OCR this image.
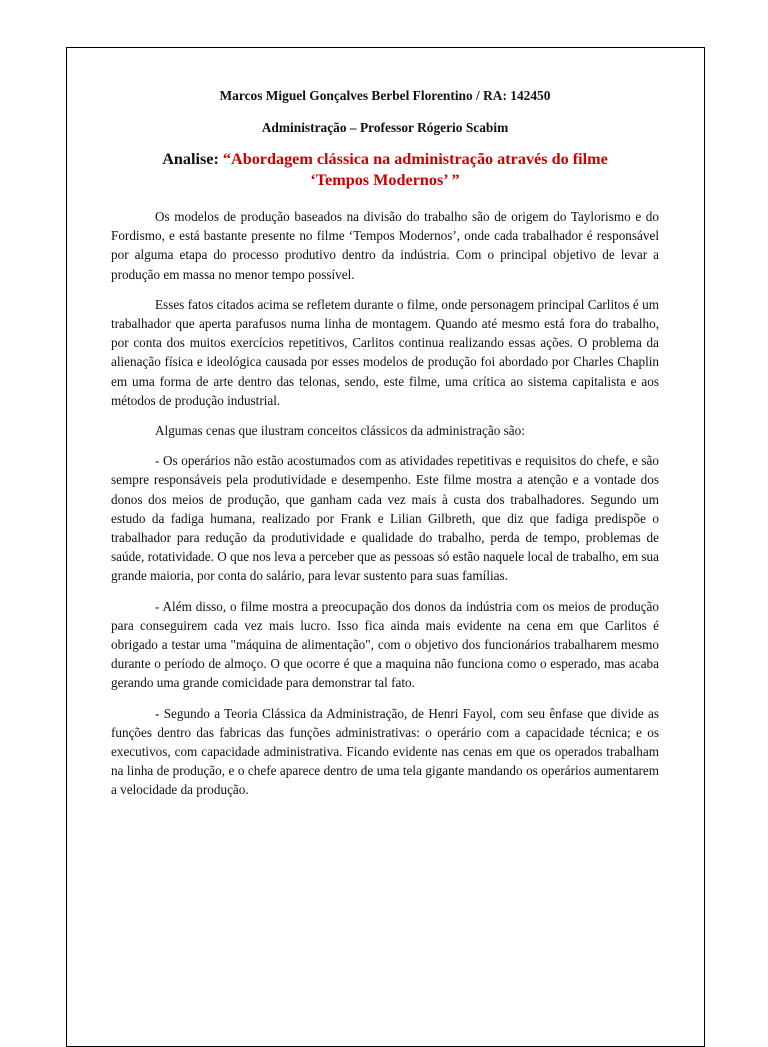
Marcos Miguel Gonçalves Berbel Florentino / RA: 142450

Administração – Professor Rógerio Scabim

Analise: “Abordagem clássica na administração através do filme
‘Tempos Modernos’ ”

Os modelos de produção baseados na divisão do trabalho são de origem do Taylorismo e do Fordismo, e está bastante presente no filme ‘Tempos Modernos’, onde cada trabalhador é responsável por alguma etapa do processo produtivo dentro da indústria. Com o principal objetivo de levar a produção em massa no menor tempo possível.

Esses fatos citados acima se refletem durante o filme, onde personagem principal Carlitos é um trabalhador que aperta parafusos numa linha de montagem. Quando até mesmo está fora do trabalho, por conta dos muitos exercícios repetitivos, Carlitos continua realizando essas ações. O problema da alienação física e ideológica causada por esses modelos de produção foi abordado por Charles Chaplin em uma forma de arte dentro das telonas, sendo, este filme, uma crítica ao sistema capitalista e aos métodos de produção industrial.

Algumas cenas que ilustram conceitos clássicos da administração são:

- Os operários não estão acostumados com as atividades repetitivas e requisitos do chefe, e são sempre responsáveis pela produtividade e desempenho. Este filme mostra a atenção e a vontade dos donos dos meios de produção, que ganham cada vez mais à custa dos trabalhadores. Segundo um estudo da fadiga humana, realizado por Frank e Lilian Gilbreth, que diz que fadiga predispõe o trabalhador para redução da produtividade e qualidade do trabalho, perda de tempo, problemas de saúde, rotatividade. O que nos leva a perceber que as pessoas só estão naquele local de trabalho, em sua grande maioria, por conta do salário, para levar sustento para suas famílias.

- Além disso, o filme mostra a preocupação dos donos da indústria com os meios de produção para conseguirem cada vez mais lucro. Isso fica ainda mais evidente na cena em que Carlitos é obrigado a testar uma "máquina de alimentação", com o objetivo dos funcionários trabalharem mesmo durante o período de almoço. O que ocorre é que a maquina não funciona como o esperado, mas acaba gerando uma grande comicidade para demonstrar tal fato.

- Segundo a Teoria Clássica da Administração, de Henri Fayol, com seu ênfase que divide as funções dentro das fabricas das funções administrativas: o operário com a capacidade técnica; e os executivos, com capacidade administrativa. Ficando evidente nas cenas em que os operados trabalham na linha de produção, e o chefe aparece dentro de uma tela gigante mandando os operários aumentarem a velocidade da produção.
